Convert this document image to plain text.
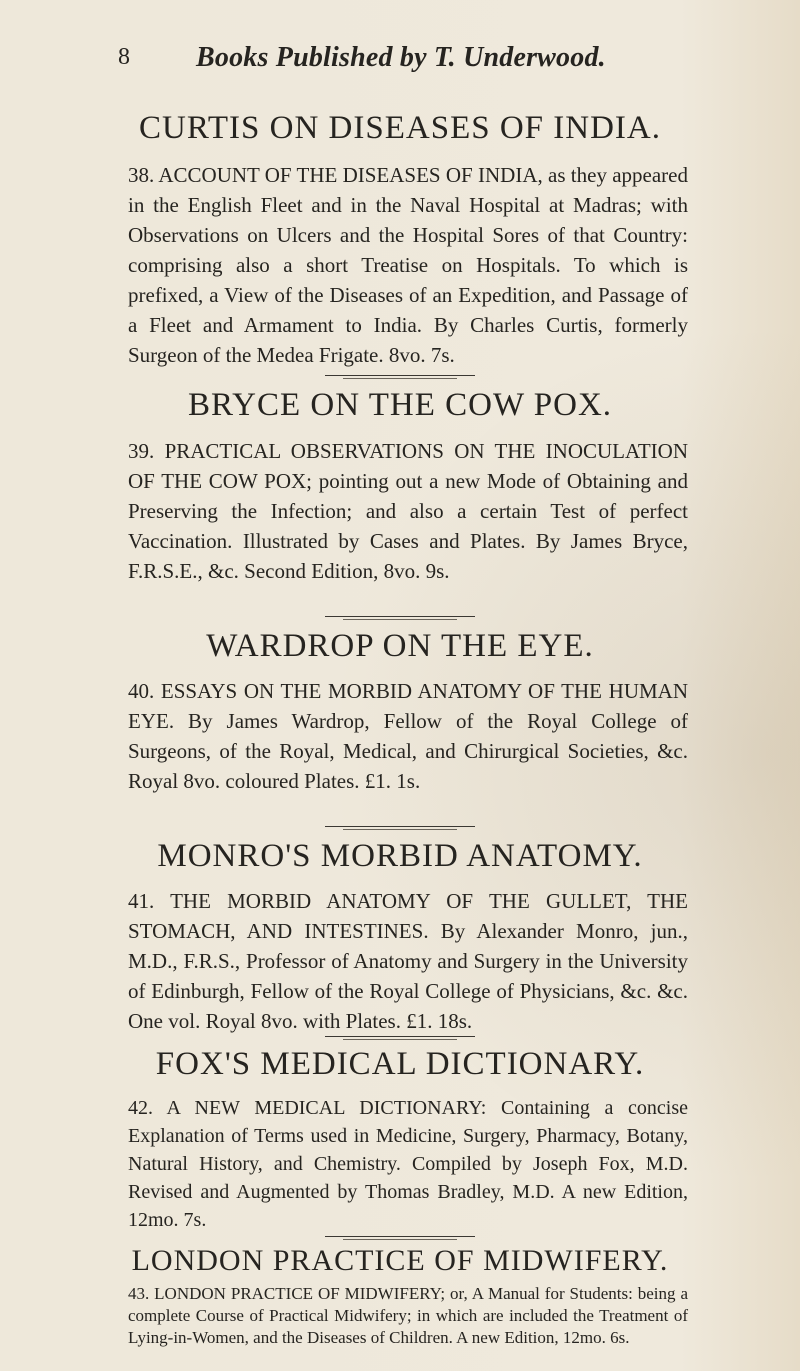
8 Books Published by T. Underwood.
CURTIS ON DISEASES OF INDIA.
38. ACCOUNT OF THE DISEASES OF INDIA, as they appeared in the English Fleet and in the Naval Hospital at Madras; with Observations on Ulcers and the Hospital Sores of that Country: comprising also a short Treatise on Hospitals. To which is prefixed, a View of the Diseases of an Expedition, and Passage of a Fleet and Armament to India. By Charles Curtis, formerly Surgeon of the Medea Frigate. 8vo. 7s.
BRYCE ON THE COW POX.
39. PRACTICAL OBSERVATIONS ON THE INOCULATION OF THE COW POX; pointing out a new Mode of Obtaining and Preserving the Infection; and also a certain Test of perfect Vaccination. Illustrated by Cases and Plates. By James Bryce, F.R.S.E., &c. Second Edition, 8vo. 9s.
WARDROP ON THE EYE.
40. ESSAYS ON THE MORBID ANATOMY OF THE HUMAN EYE. By James Wardrop, Fellow of the Royal College of Surgeons, of the Royal, Medical, and Chirurgical Societies, &c. Royal 8vo. coloured Plates. £1. 1s.
MONRO'S MORBID ANATOMY.
41. THE MORBID ANATOMY OF THE GULLET, THE STOMACH, AND INTESTINES. By Alexander Monro, jun., M.D., F.R.S., Professor of Anatomy and Surgery in the University of Edinburgh, Fellow of the Royal College of Physicians, &c. &c. One vol. Royal 8vo. with Plates. £1. 18s.
FOX'S MEDICAL DICTIONARY.
42. A NEW MEDICAL DICTIONARY: Containing a concise Explanation of Terms used in Medicine, Surgery, Pharmacy, Botany, Natural History, and Chemistry. Compiled by Joseph Fox, M.D. Revised and Augmented by Thomas Bradley, M.D. A new Edition, 12mo. 7s.
LONDON PRACTICE OF MIDWIFERY.
43. LONDON PRACTICE OF MIDWIFERY; or, A Manual for Students: being a complete Course of Practical Midwifery; in which are included the Treatment of Lying-in-Women, and the Diseases of Children. A new Edition, 12mo. 6s.
